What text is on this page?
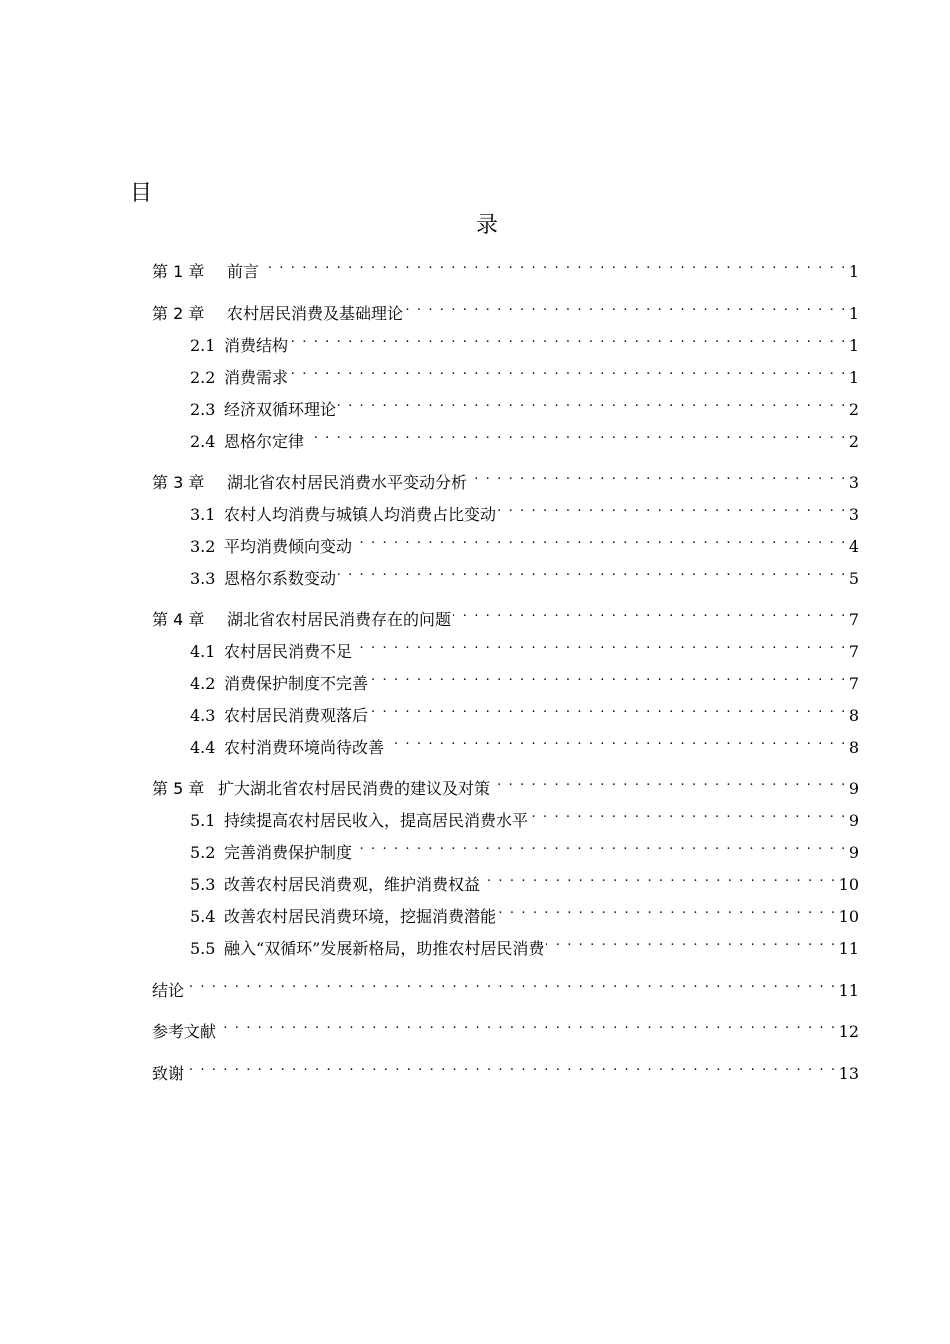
目
录
第 1 章	前言 . . .	1
第 2 章	农村居民消费及基础理论 . . .	1
2.1 消费结构 . . .	1
2.2 消费需求 . . .	1
2.3 经济双循环理论 . . .	2
2.4 恩格尔定律 . . .	2
第 3 章	湖北省农村居民消费水平变动分析 . . .	3
3.1 农村人均消费与城镇人均消费占比变动 . . .	3
3.2 平均消费倾向变动 . . .	4
3.3 恩格尔系数变动 . . .	5
第 4 章	湖北省农村居民消费存在的问题 . . .	7
4.1 农村居民消费不足 . . .	7
4.2 消费保护制度不完善 . . .	7
4.3 农村居民消费观落后 . . .	8
4.4 农村消费环境尚待改善 . . .	8
第 5 章 扩大湖北省农村居民消费的建议及对策 . . .	9
5.1 持续提高农村居民收入，提高居民消费水平 . . .	9
5.2 完善消费保护制度 . . .	9
5.3 改善农村居民消费观，维护消费权益 . . .	10
5.4 改善农村居民消费环境，挖掘消费潜能 . . .	10
5.5 融入“双循环”发展新格局，助推农村居民消费 . . .	11
结论 . . .	11
参考文献 . . .	12
致谢 . . .	13
